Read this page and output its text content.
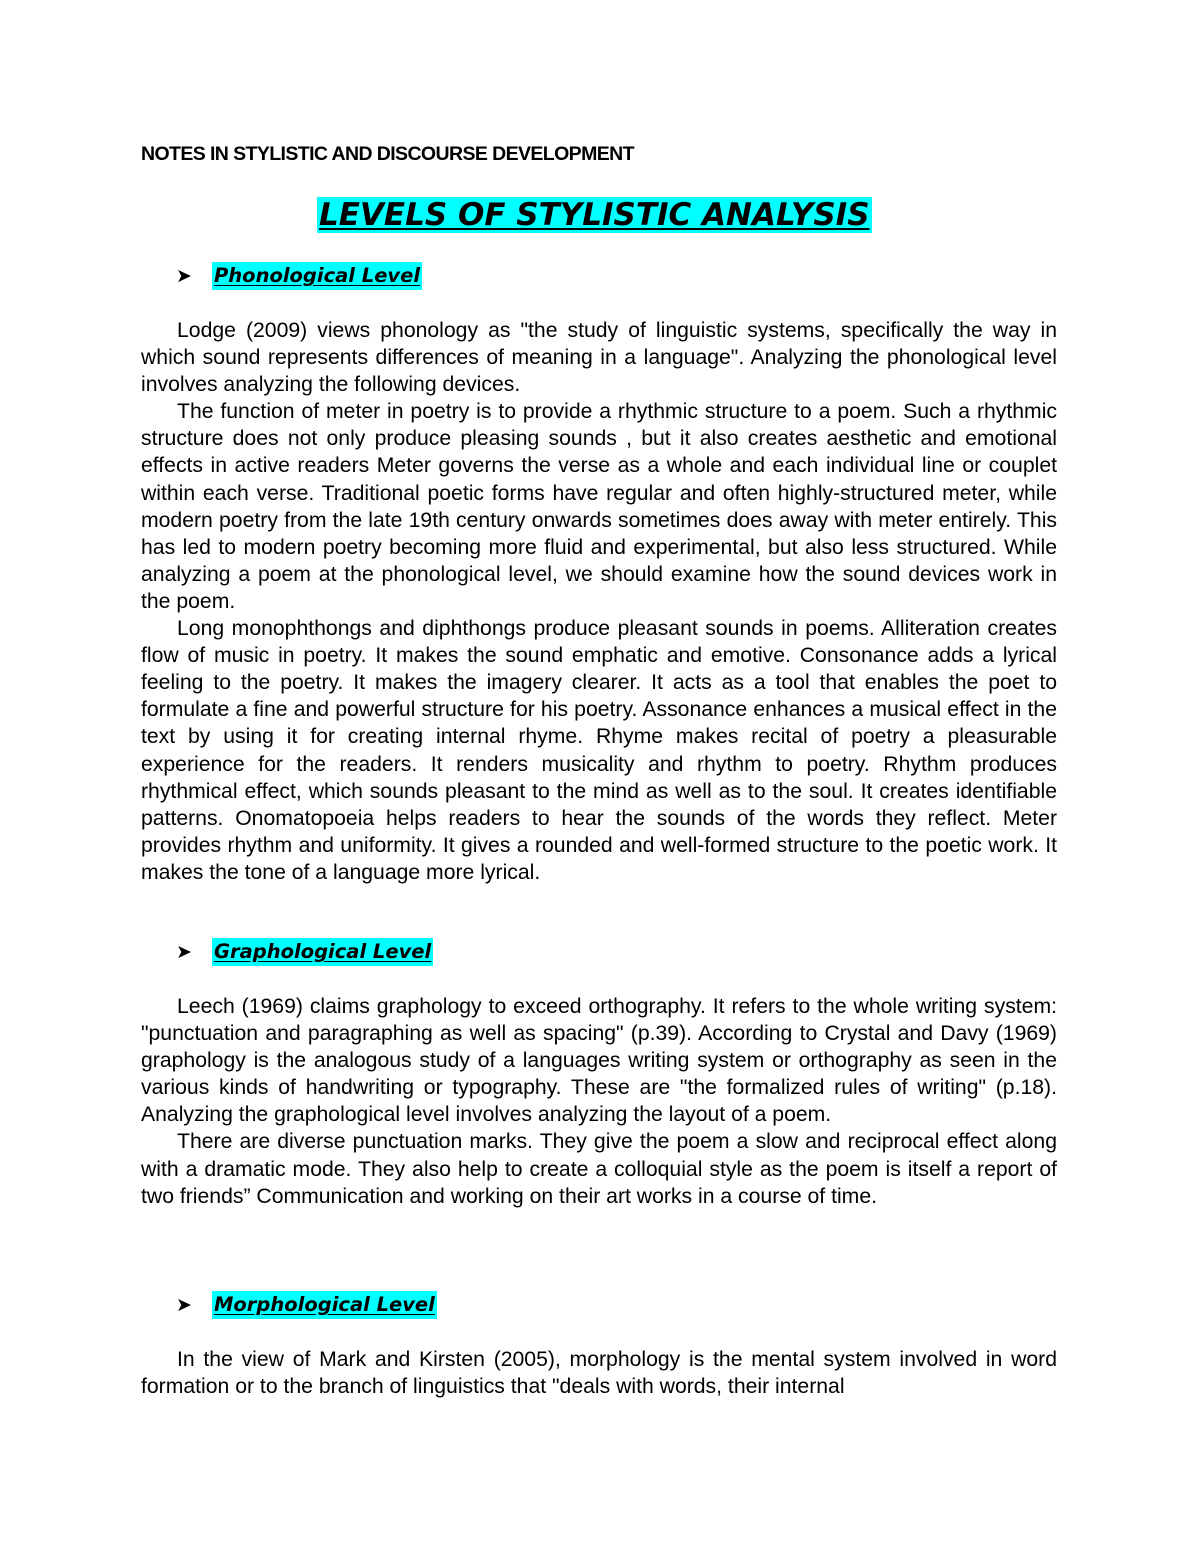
NOTES IN STYLISTIC AND DISCOURSE DEVELOPMENT
LEVELS OF STYLISTIC ANALYSIS
➤	Phonological Level

Lodge (2009) views phonology as "the study of linguistic systems, specifically the way in which sound represents differences of meaning in a language". Analyzing the phonological level involves analyzing the following devices.

The function of meter in poetry is to provide a rhythmic structure to a poem. Such a rhythmic structure does not only produce pleasing sounds , but it also creates aesthetic and emotional effects in active readers Meter governs the verse as a whole and each individual line or couplet within each verse. Traditional poetic forms have regular and often highly-structured meter, while modern poetry from the late 19th century onwards sometimes does away with meter entirely. This has led to modern poetry becoming more fluid and experimental, but also less structured. While analyzing a poem at the phonological level, we should examine how the sound devices work in the poem.

Long monophthongs and diphthongs produce pleasant sounds in poems. Alliteration creates flow of music in poetry. It makes the sound emphatic and emotive. Consonance adds a lyrical feeling to the poetry. It makes the imagery clearer. It acts as a tool that enables the poet to formulate a fine and powerful structure for his poetry. Assonance enhances a musical effect in the text by using it for creating internal rhyme. Rhyme makes recital of poetry a pleasurable experience for the readers. It renders musicality and rhythm to poetry. Rhythm produces rhythmical effect, which sounds pleasant to the mind as well as to the soul. It creates identifiable patterns. Onomatopoeia helps readers to hear the sounds of the words they reflect. Meter provides rhythm and uniformity. It gives a rounded and well-formed structure to the poetic work. It makes the tone of a language more lyrical.

➤	Graphological Level

Leech (1969) claims graphology to exceed orthography. It refers to the whole writing system: "punctuation and paragraphing as well as spacing" (p.39). According to Crystal and Davy (1969) graphology is the analogous study of a languages writing system or orthography as seen in the various kinds of handwriting or typography. These are "the formalized rules of writing" (p.18). Analyzing the graphological level involves analyzing the layout of a poem.

There are diverse punctuation marks. They give the poem a slow and reciprocal effect along with a dramatic mode. They also help to create a colloquial style as the poem is itself a report of two friends” Communication and working on their art works in a course of time.

➤	Morphological Level

In the view of Mark and Kirsten (2005), morphology is the mental system involved in word formation or to the branch of linguistics that "deals with words, their internal
